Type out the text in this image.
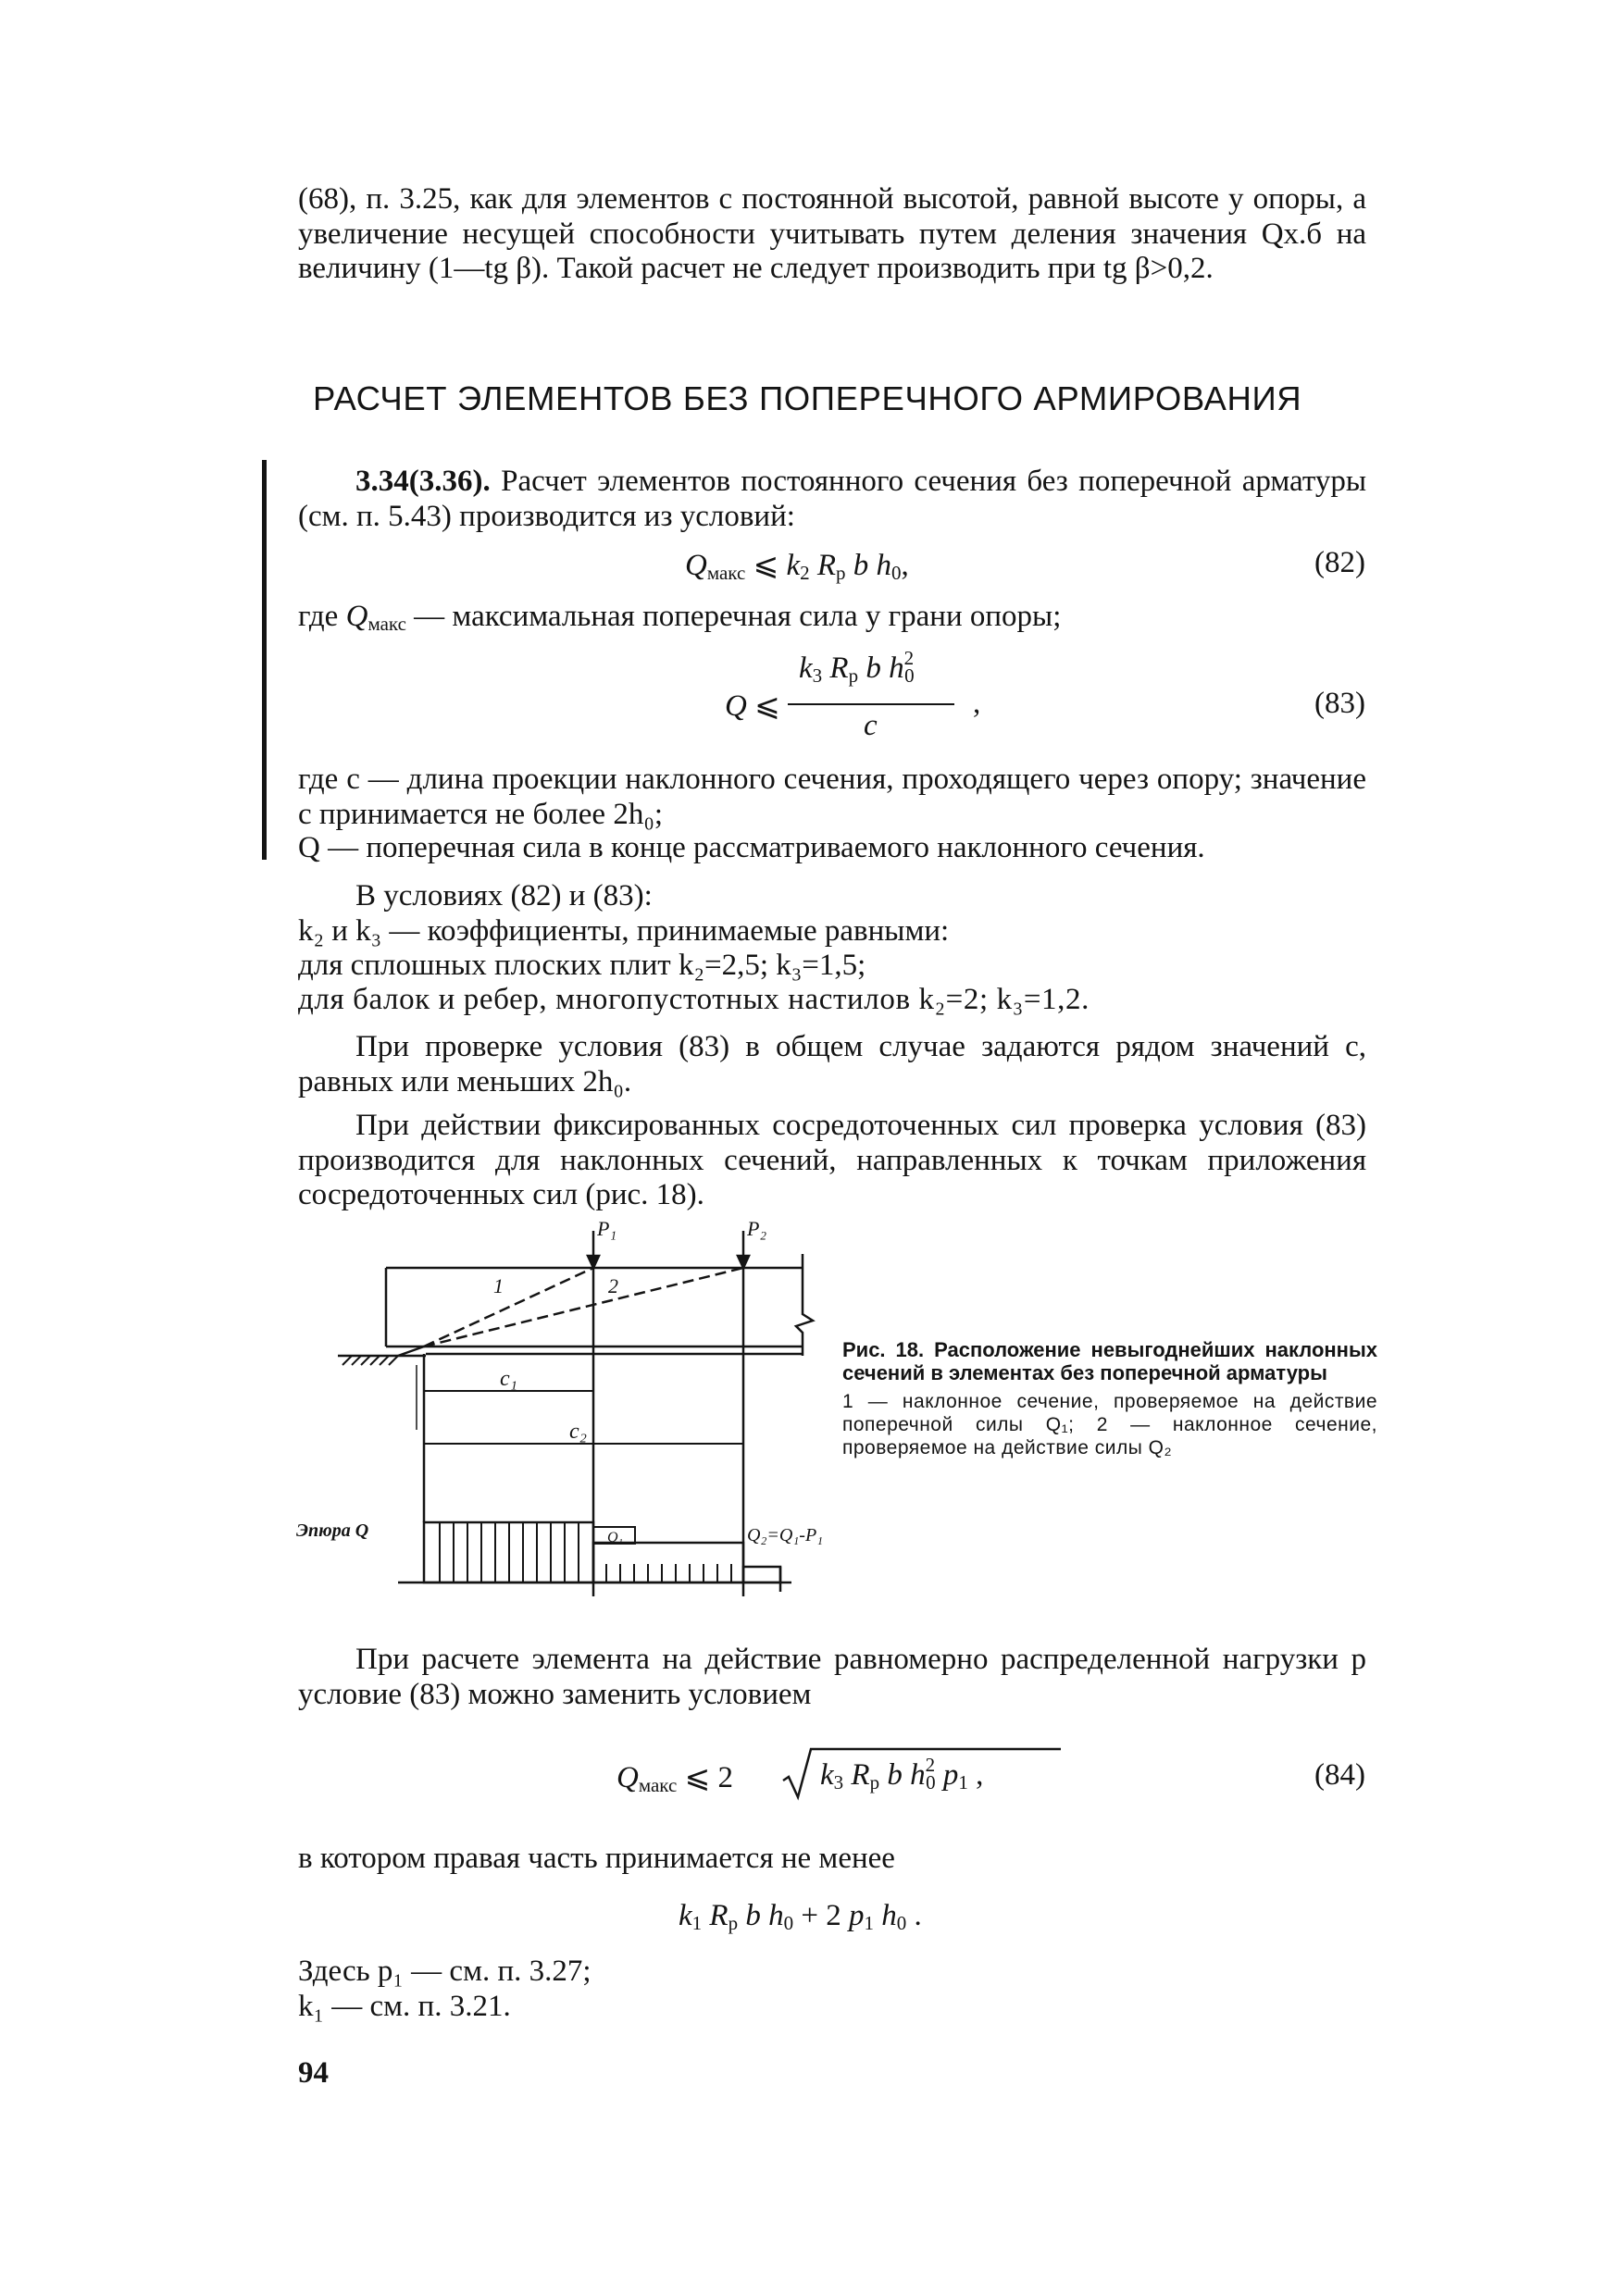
(68), п. 3.25, как для элементов с постоянной высотой, равной высоте у опоры, а увеличение несущей способности учитывать путем деления значения Qх.б на величину (1—tg β). Такой расчет не следует производить при tg β>0,2.

РАСЧЕТ ЭЛЕМЕНТОВ БЕЗ ПОПЕРЕЧНОГО АРМИРОВАНИЯ

3.34(3.36). Расчет элементов постоянного сечения без поперечной арматуры (см. п. 5.43) производится из условий:

$Q_{макс}$ ⩽ $k_2$ $R_р$ b $h_0$,	(82)
где $Q_{макс}$ — максимальная поперечная сила у грани опоры;
Q ⩽
$k_3$ $R_р$ b $h^2_0$
c
,	(83)

где c — длина проекции наклонного сечения, проходящего через опору; значение c принимается не более 2h₀;

Q — поперечная сила в конце рассматриваемого наклонного сечения.
В условиях (82) и (83):
k₂ и k₃ — коэффициенты, принимаемые равными:
для сплошных плоских плит k₂=2,5; k₃=1,5;
для балок и ребер, многопустотных настилов k₂=2; k₃=1,2.

При проверке условия (83) в общем случае задаются рядом значений c, равных или меньших 2h₀.

При действии фиксированных сосредоточенных сил проверка условия (83) производится для наклонных сечений, направленных к точкам приложения сосредоточенных сил (рис. 18).

P₁	P₂
1	2
c₁
c₂
Эпюра Q	Q₁	Q₂=Q₁-P₁
Рис. 18. Расположение невыгоднейших наклонных сечений в элементах без поперечной арматуры
1 — наклонное сечение, проверяемое на действие поперечной силы Q₁; 2 — наклонное сечение, проверяемое на действие силы Q₂

При расчете элемента на действие равномерно распределенной нагрузки p условие (83) можно заменить условием

$Q_{макс}$ ⩽ 2	$k_3$ $R_р$ b $h^2_0$ $p_1$ ,	(84)
в котором правая часть принимается не менее
$k_1$ $R_р$ b $h_0 + 2$ $p_1$ $h_0$ .
Здесь p₁ — см. п. 3.27;
k₁ — см. п. 3.21.
94
